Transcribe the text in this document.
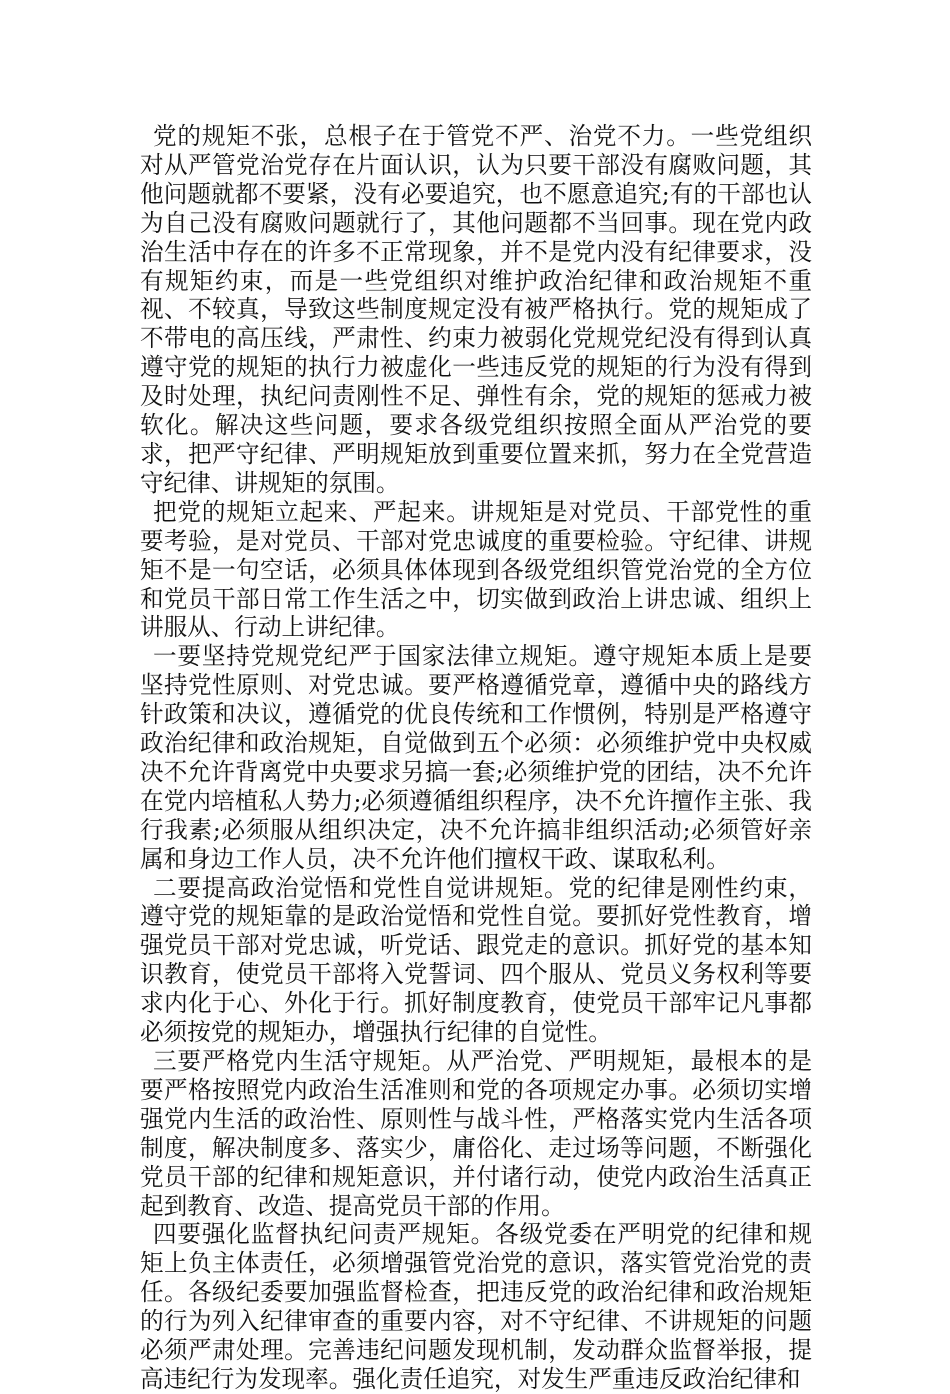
党的规矩不张，总根子在于管党不严、治党不力。一些党组织对从严管党治党存在片面认识，认为只要干部没有腐败问题，其他问题就都不要紧，没有必要追究，也不愿意追究;有的干部也认为自己没有腐败问题就行了，其他问题都不当回事。现在党内政治生活中存在的许多不正常现象，并不是党内没有纪律要求，没有规矩约束，而是一些党组织对维护政治纪律和政治规矩不重视、不较真，导致这些制度规定没有被严格执行。党的规矩成了不带电的高压线，严肃性、约束力被弱化党规党纪没有得到认真遵守党的规矩的执行力被虚化一些违反党的规矩的行为没有得到及时处理，执纪问责刚性不足、弹性有余，党的规矩的惩戒力被软化。解决这些问题，要求各级党组织按照全面从严治党的要求，把严守纪律、严明规矩放到重要位置来抓，努力在全党营造守纪律、讲规矩的氛围。

把党的规矩立起来、严起来。讲规矩是对党员、干部党性的重要考验，是对党员、干部对党忠诚度的重要检验。守纪律、讲规矩不是一句空话，必须具体体现到各级党组织管党治党的全方位和党员干部日常工作生活之中，切实做到政治上讲忠诚、组织上讲服从、行动上讲纪律。

一要坚持党规党纪严于国家法律立规矩。遵守规矩本质上是要坚持党性原则、对党忠诚。要严格遵循党章，遵循中央的路线方针政策和决议，遵循党的优良传统和工作惯例，特别是严格遵守政治纪律和政治规矩，自觉做到五个必须：必须维护党中央权威决不允许背离党中央要求另搞一套;必须维护党的团结，决不允许在党内培植私人势力;必须遵循组织程序，决不允许擅作主张、我行我素;必须服从组织决定，决不允许搞非组织活动;必须管好亲属和身边工作人员，决不允许他们擅权干政、谋取私利。

二要提高政治觉悟和党性自觉讲规矩。党的纪律是刚性约束，遵守党的规矩靠的是政治觉悟和党性自觉。要抓好党性教育，增强党员干部对党忠诚，听党话、跟党走的意识。抓好党的基本知识教育，使党员干部将入党誓词、四个服从、党员义务权利等要求内化于心、外化于行。抓好制度教育，使党员干部牢记凡事都必须按党的规矩办，增强执行纪律的自觉性。

三要严格党内生活守规矩。从严治党、严明规矩，最根本的是要严格按照党内政治生活准则和党的各项规定办事。必须切实增强党内生活的政治性、原则性与战斗性，严格落实党内生活各项制度，解决制度多、落实少，庸俗化、走过场等问题，不断强化党员干部的纪律和规矩意识，并付诸行动，使党内政治生活真正起到教育、改造、提高党员干部的作用。

四要强化监督执纪问责严规矩。各级党委在严明党的纪律和规矩上负主体责任，必须增强管党治党的意识，落实管党治党的责任。各级纪委要加强监督检查，把违反党的政治纪律和政治规矩的行为列入纪律审查的重要内容，对不守纪律、不讲规矩的问题必须严肃处理。完善违纪问题发现机制，发动群众监督举报，提高违纪行为发现率。强化责任追究，对发生严重违反政治纪律和
